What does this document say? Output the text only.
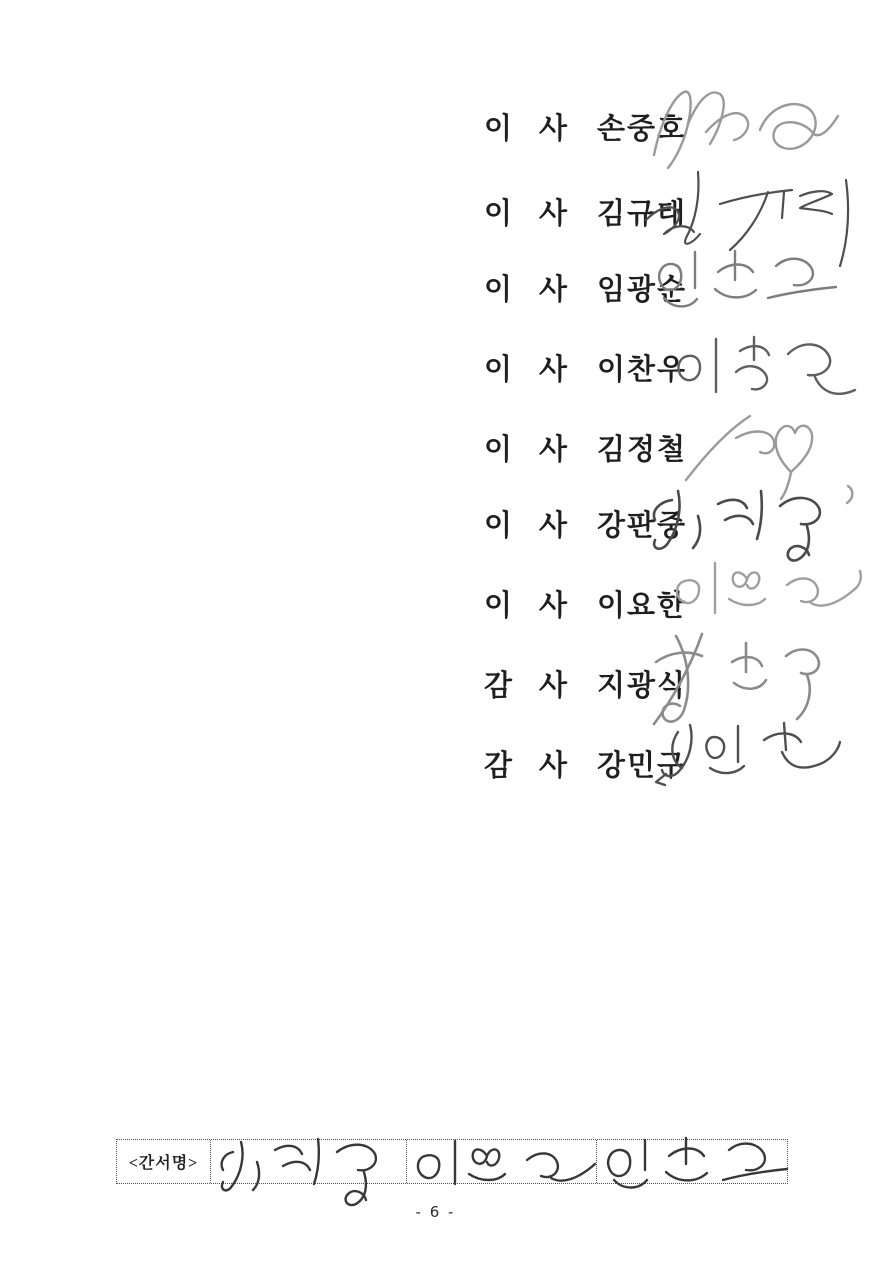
이 사 손중호
이 사 김규태
이 사 임광순
이 사 이찬우
이 사 김정철
이 사 강판중
이 사 이요한
감 사 지광식
감 사 강민구
<간서명>
- 6 -
